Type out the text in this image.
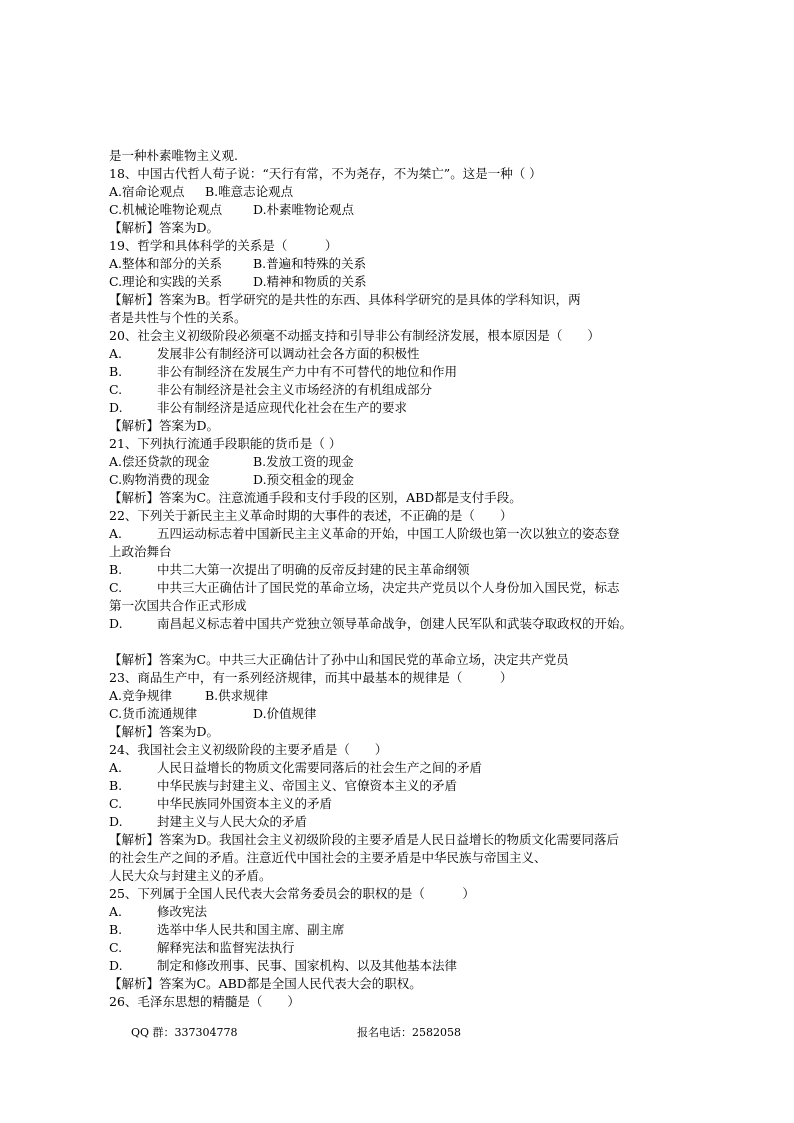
是一种朴素唯物主义观.
18、中国古代哲人荀子说：“天行有常，不为尧存，不为桀亡”。这是一种（ ）
A.宿命论观点	B.唯意志论观点
C.机械论唯物论观点	D.朴素唯物论观点
【解析】答案为D。
19、哲学和具体科学的关系是（　　　）
A.整体和部分的关系	B.普遍和特殊的关系
C.理论和实践的关系	D.精神和物质的关系
【解析】答案为B。哲学研究的是共性的东西、具体科学研究的是具体的学科知识，两
者是共性与个性的关系。
20、社会主义初级阶段必须毫不动摇支持和引导非公有制经济发展，根本原因是（　　）
A.	发展非公有制经济可以调动社会各方面的积极性
B.	非公有制经济在发展生产力中有不可替代的地位和作用
C.	非公有制经济是社会主义市场经济的有机组成部分
D.	非公有制经济是适应现代化社会在生产的要求
【解析】答案为D。
21、下列执行流通手段职能的货币是（ ）
A.偿还贷款的现金	B.发放工资的现金
C.购物消费的现金	D.预交租金的现金
【解析】答案为C。注意流通手段和支付手段的区别，ABD都是支付手段。
22、下列关于新民主主义革命时期的大事件的表述，不正确的是（　　）
A.	五四运动标志着中国新民主主义革命的开始，中国工人阶级也第一次以独立的姿态登
上政治舞台
B.	中共二大第一次提出了明确的反帝反封建的民主革命纲领
C.	中共三大正确估计了国民党的革命立场，决定共产党员以个人身份加入国民党，标志
第一次国共合作正式形成
D.	南昌起义标志着中国共产党独立领导革命战争，创建人民军队和武装夺取政权的开始。
【解析】答案为C。中共三大正确估计了孙中山和国民党的革命立场，决定共产党员
23、商品生产中，有一系列经济规律，而其中最基本的规律是（　　　）
A.竞争规律	B.供求规律
C.货币流通规律	D.价值规律
【解析】答案为D。
24、我国社会主义初级阶段的主要矛盾是（　　）
A.	人民日益增长的物质文化需要同落后的社会生产之间的矛盾
B.	中华民族与封建主义、帝国主义、官僚资本主义的矛盾
C.	中华民族同外国资本主义的矛盾
D.	封建主义与人民大众的矛盾
【解析】答案为D。我国社会主义初级阶段的主要矛盾是人民日益增长的物质文化需要同落后
的社会生产之间的矛盾。注意近代中国社会的主要矛盾是中华民族与帝国主义、
人民大众与封建主义的矛盾。
25、下列属于全国人民代表大会常务委员会的职权的是（　　　）
A.	修改宪法
B.	选举中华人民共和国主席、副主席
C.	解释宪法和监督宪法执行
D.	制定和修改刑事、民事、国家机构、以及其他基本法律
【解析】答案为C。ABD都是全国人民代表大会的职权。
26、毛泽东思想的精髓是（　　）
QQ 群：337304778	报名电话：2582058
